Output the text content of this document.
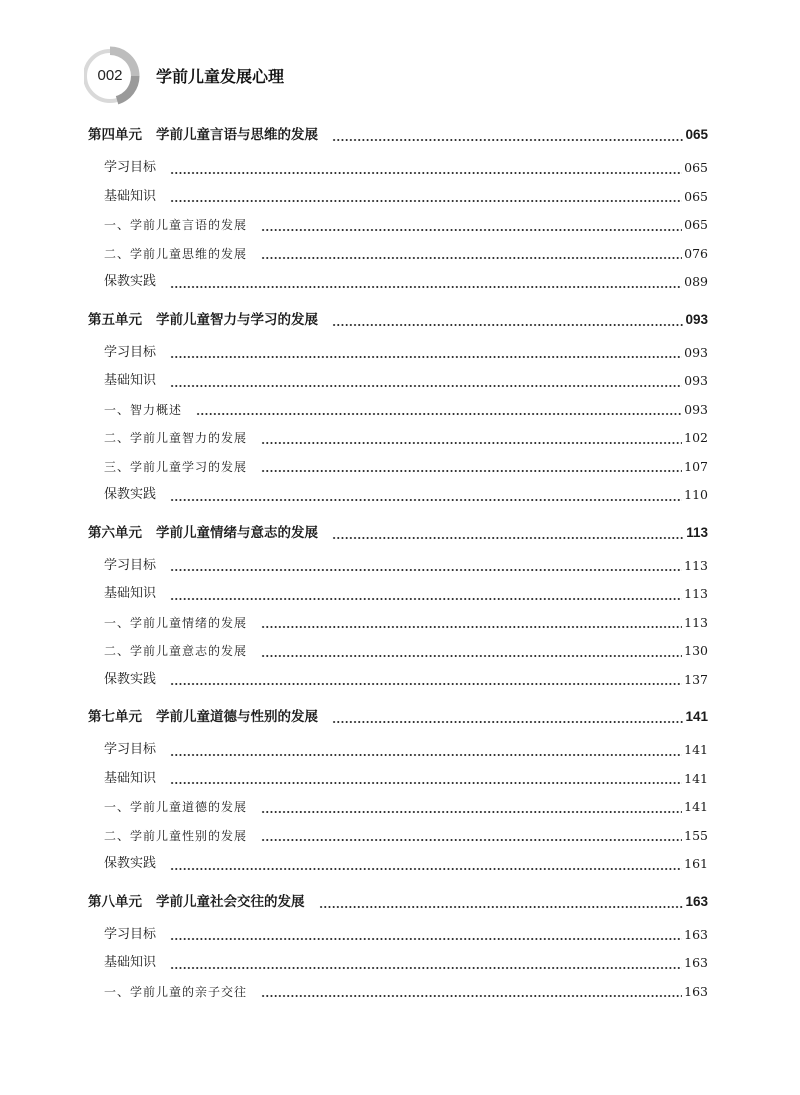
002	学前儿童发展心理
第四单元 学前儿童言语与思维的发展	065
学习目标	065
基础知识	065
一、学前儿童言语的发展	065
二、学前儿童思维的发展	076
保教实践	089
第五单元 学前儿童智力与学习的发展	093
学习目标	093
基础知识	093
一、智力概述	093
二、学前儿童智力的发展	102
三、学前儿童学习的发展	107
保教实践	110
第六单元 学前儿童情绪与意志的发展	113
学习目标	113
基础知识	113
一、学前儿童情绪的发展	113
二、学前儿童意志的发展	130
保教实践	137
第七单元 学前儿童道德与性别的发展	141
学习目标	141
基础知识	141
一、学前儿童道德的发展	141
二、学前儿童性别的发展	155
保教实践	161
第八单元 学前儿童社会交往的发展	163
学习目标	163
基础知识	163
一、学前儿童的亲子交往	163
